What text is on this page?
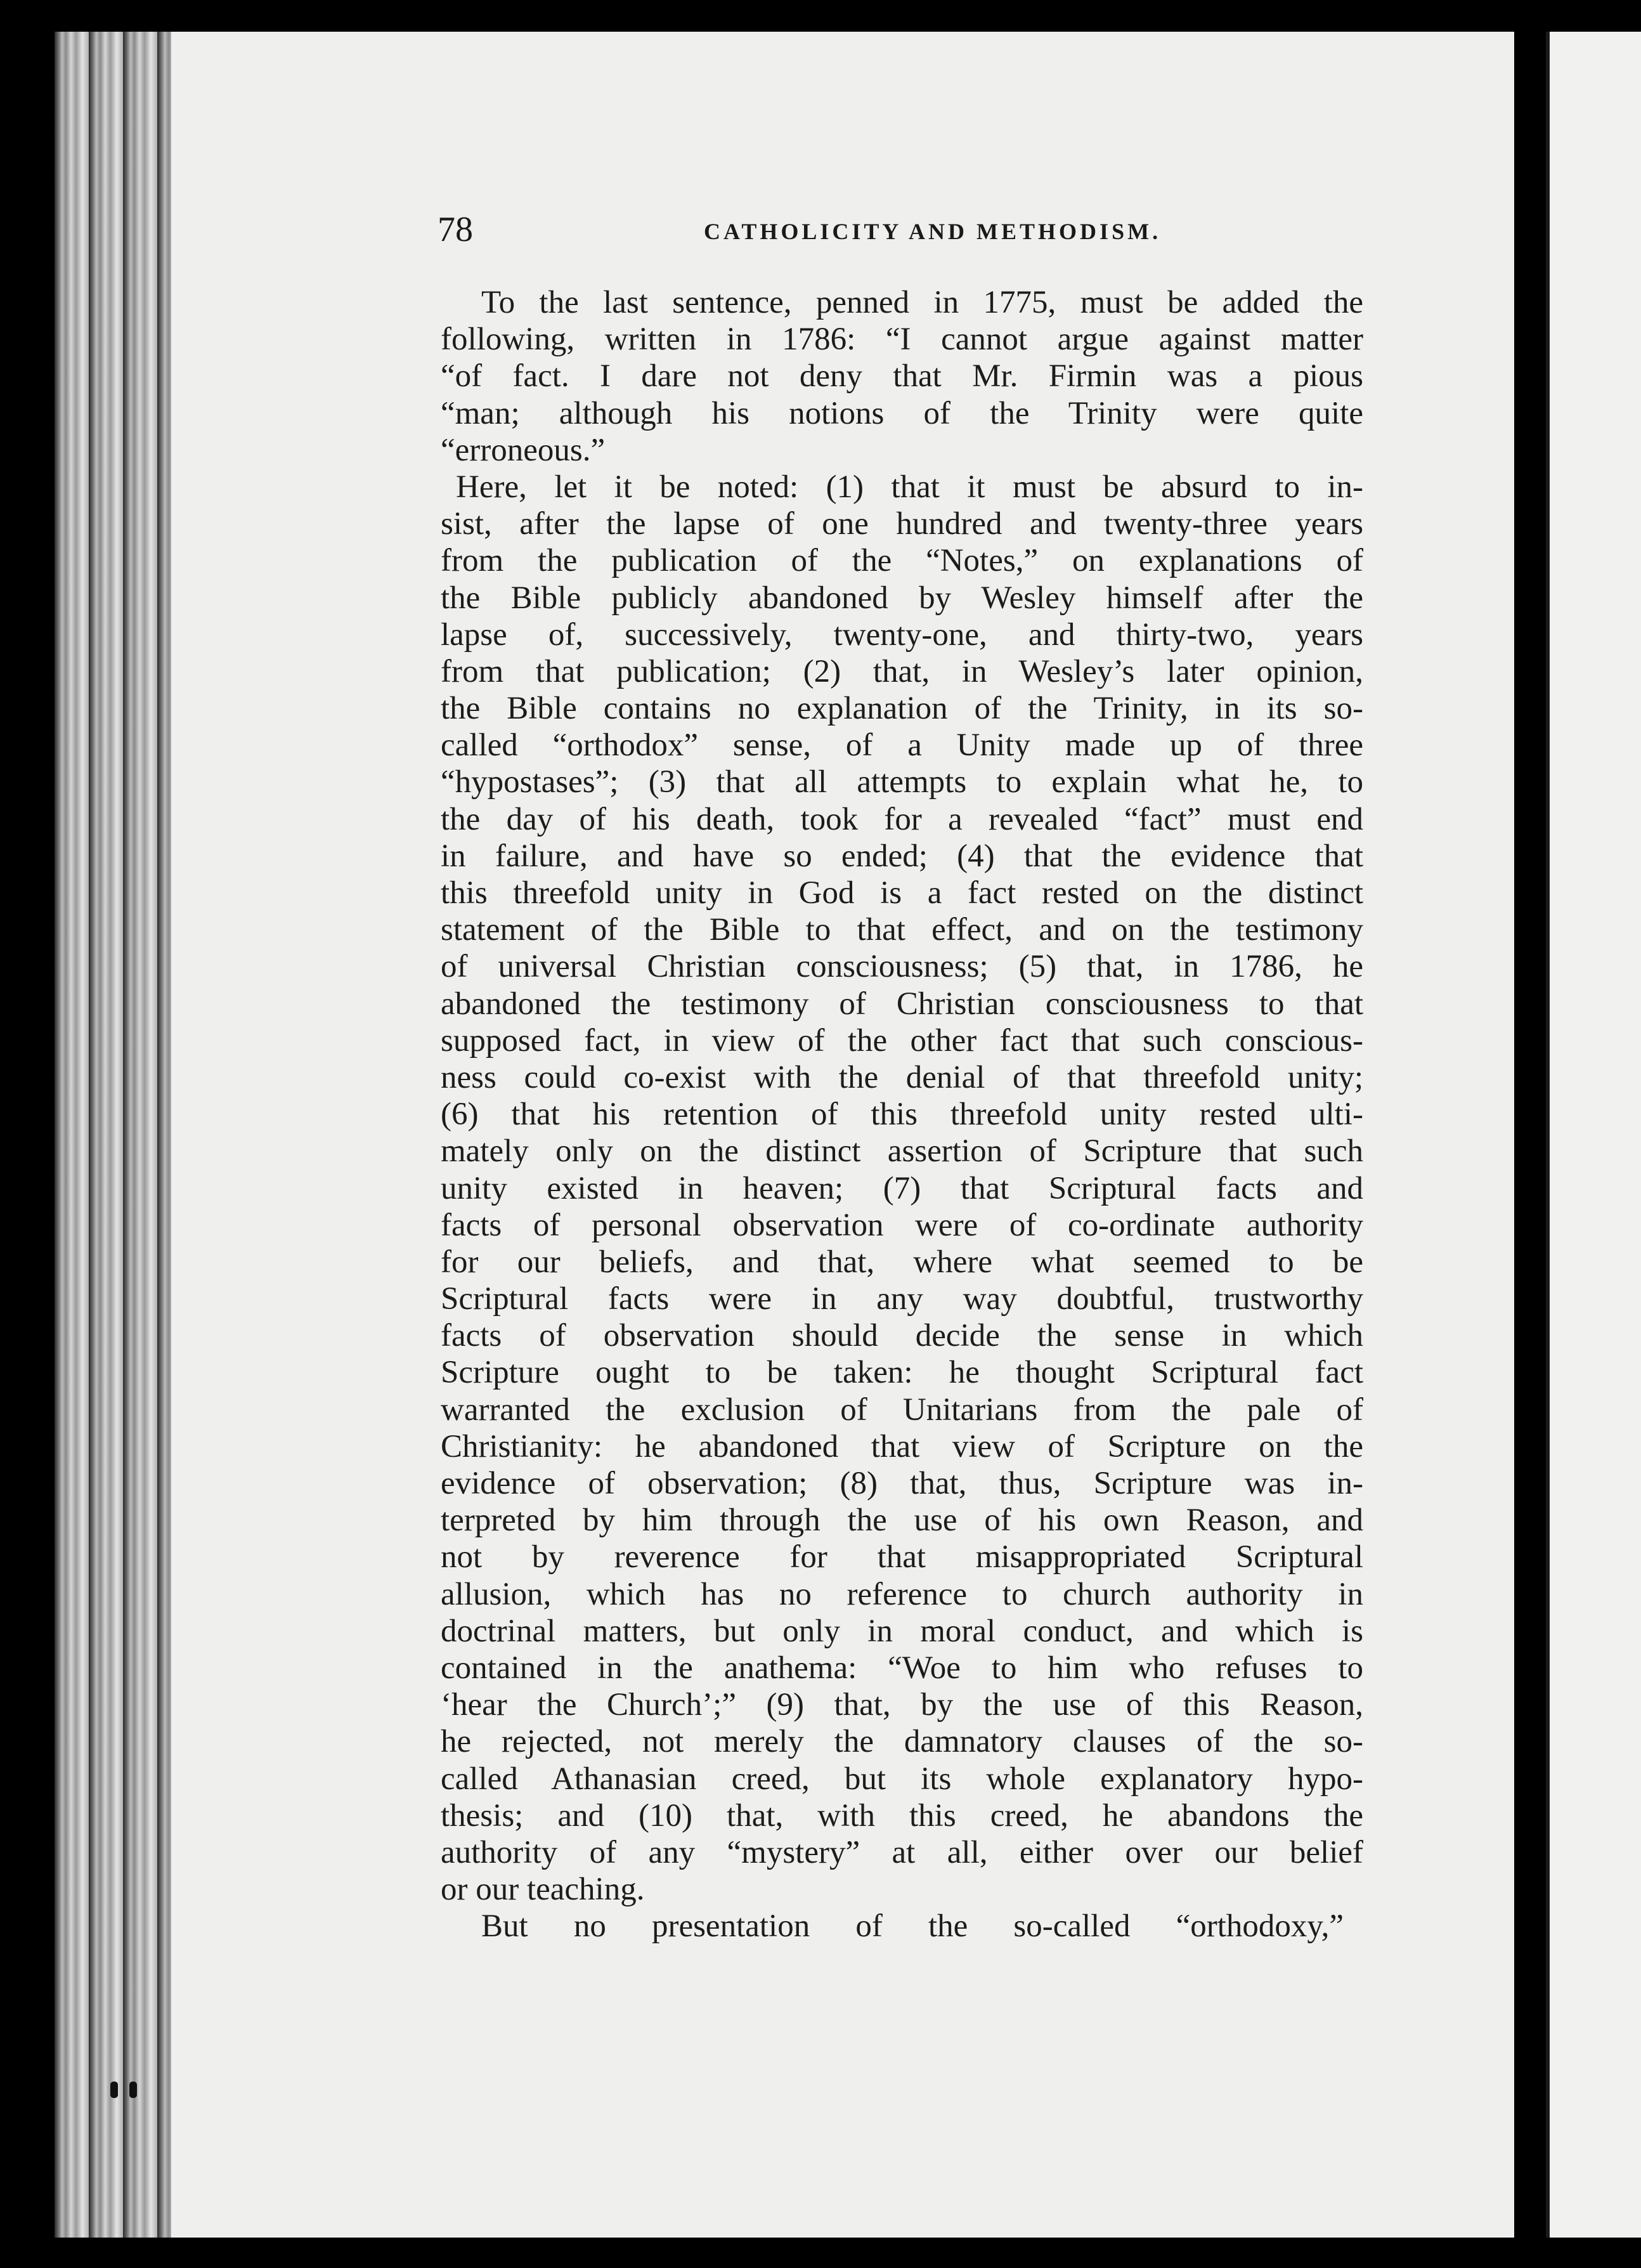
78	CATHOLICITY AND METHODISM.
To the last sentence, penned in 1775, must be added the
following, written in 1786: “I cannot argue against matter
“of fact. I dare not deny that Mr. Firmin was a pious
“man; although his notions of the Trinity were quite
“erroneous.”
Here, let it be noted: (1) that it must be absurd to in-
sist, after the lapse of one hundred and twenty-three years
from the publication of the “Notes,” on explanations of
the Bible publicly abandoned by Wesley himself after the
lapse of, successively, twenty-one, and thirty-two, years
from that publication; (2) that, in Wesley’s later opinion,
the Bible contains no explanation of the Trinity, in its so-
called “orthodox” sense, of a Unity made up of three
“hypostases”; (3) that all attempts to explain what he, to
the day of his death, took for a revealed “fact” must end
in failure, and have so ended; (4) that the evidence that
this threefold unity in God is a fact rested on the distinct
statement of the Bible to that effect, and on the testimony
of universal Christian consciousness; (5) that, in 1786, he
abandoned the testimony of Christian consciousness to that
supposed fact, in view of the other fact that such conscious-
ness could co-exist with the denial of that threefold unity;
(6) that his retention of this threefold unity rested ulti-
mately only on the distinct assertion of Scripture that such
unity existed in heaven; (7) that Scriptural facts and
facts of personal observation were of co-ordinate authority
for our beliefs, and that, where what seemed to be
Scriptural facts were in any way doubtful, trustworthy
facts of observation should decide the sense in which
Scripture ought to be taken: he thought Scriptural fact
warranted the exclusion of Unitarians from the pale of
Christianity: he abandoned that view of Scripture on the
evidence of observation; (8) that, thus, Scripture was in-
terpreted by him through the use of his own Reason, and
not by reverence for that misappropriated Scriptural
allusion, which has no reference to church authority in
doctrinal matters, but only in moral conduct, and which is
contained in the anathema: “Woe to him who refuses to
‘hear the Church’;” (9) that, by the use of this Reason,
he rejected, not merely the damnatory clauses of the so-
called Athanasian creed, but its whole explanatory hypo-
thesis; and (10) that, with this creed, he abandons the
authority of any “mystery” at all, either over our belief
or our teaching.
But no presentation of the so-called “orthodoxy,”
